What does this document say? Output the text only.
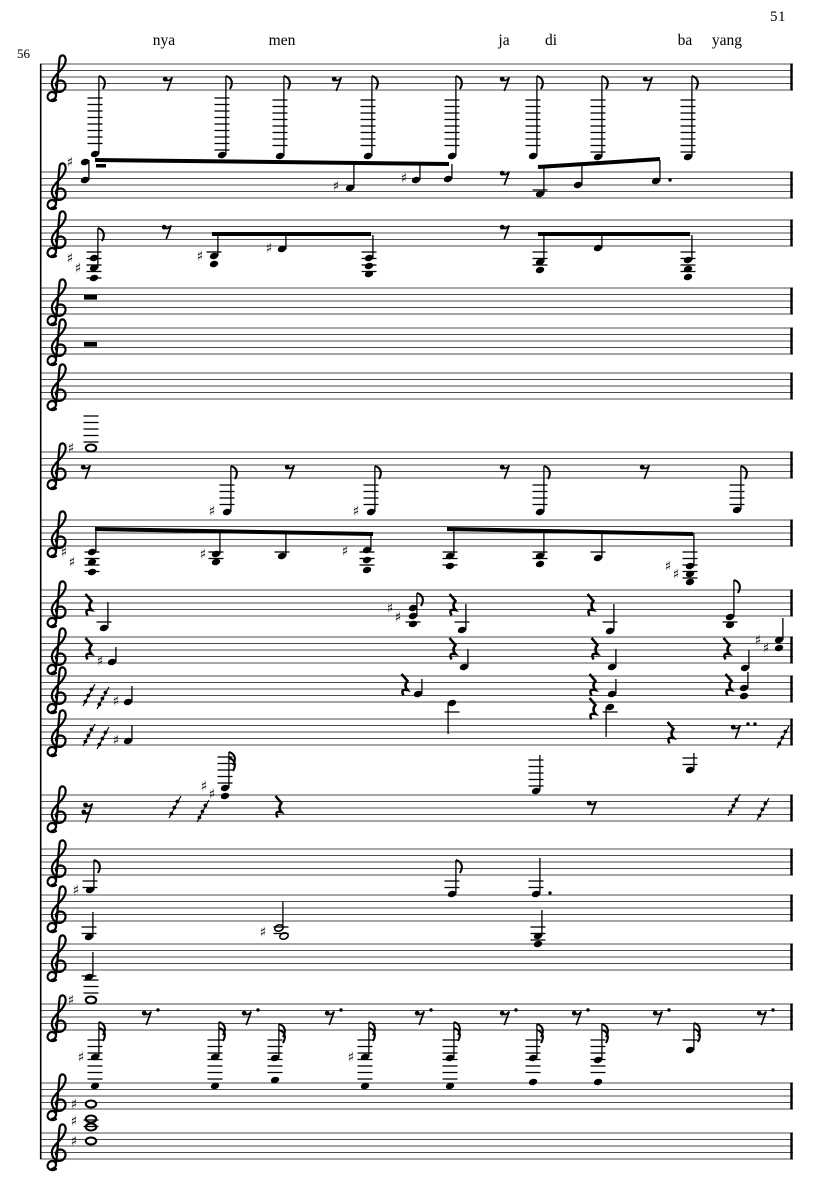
♯
♯	♯
♯
♯
♯	♯
♯
♯	♯
♯
♯	♯	♯
♯ ♯
♯
♯
♯
♯ ♯
♯
♯
♯ ♯
♯
♯
♯
♯	♯
♯
♯
♯
51
56
nya	men	ja di	ba yang
